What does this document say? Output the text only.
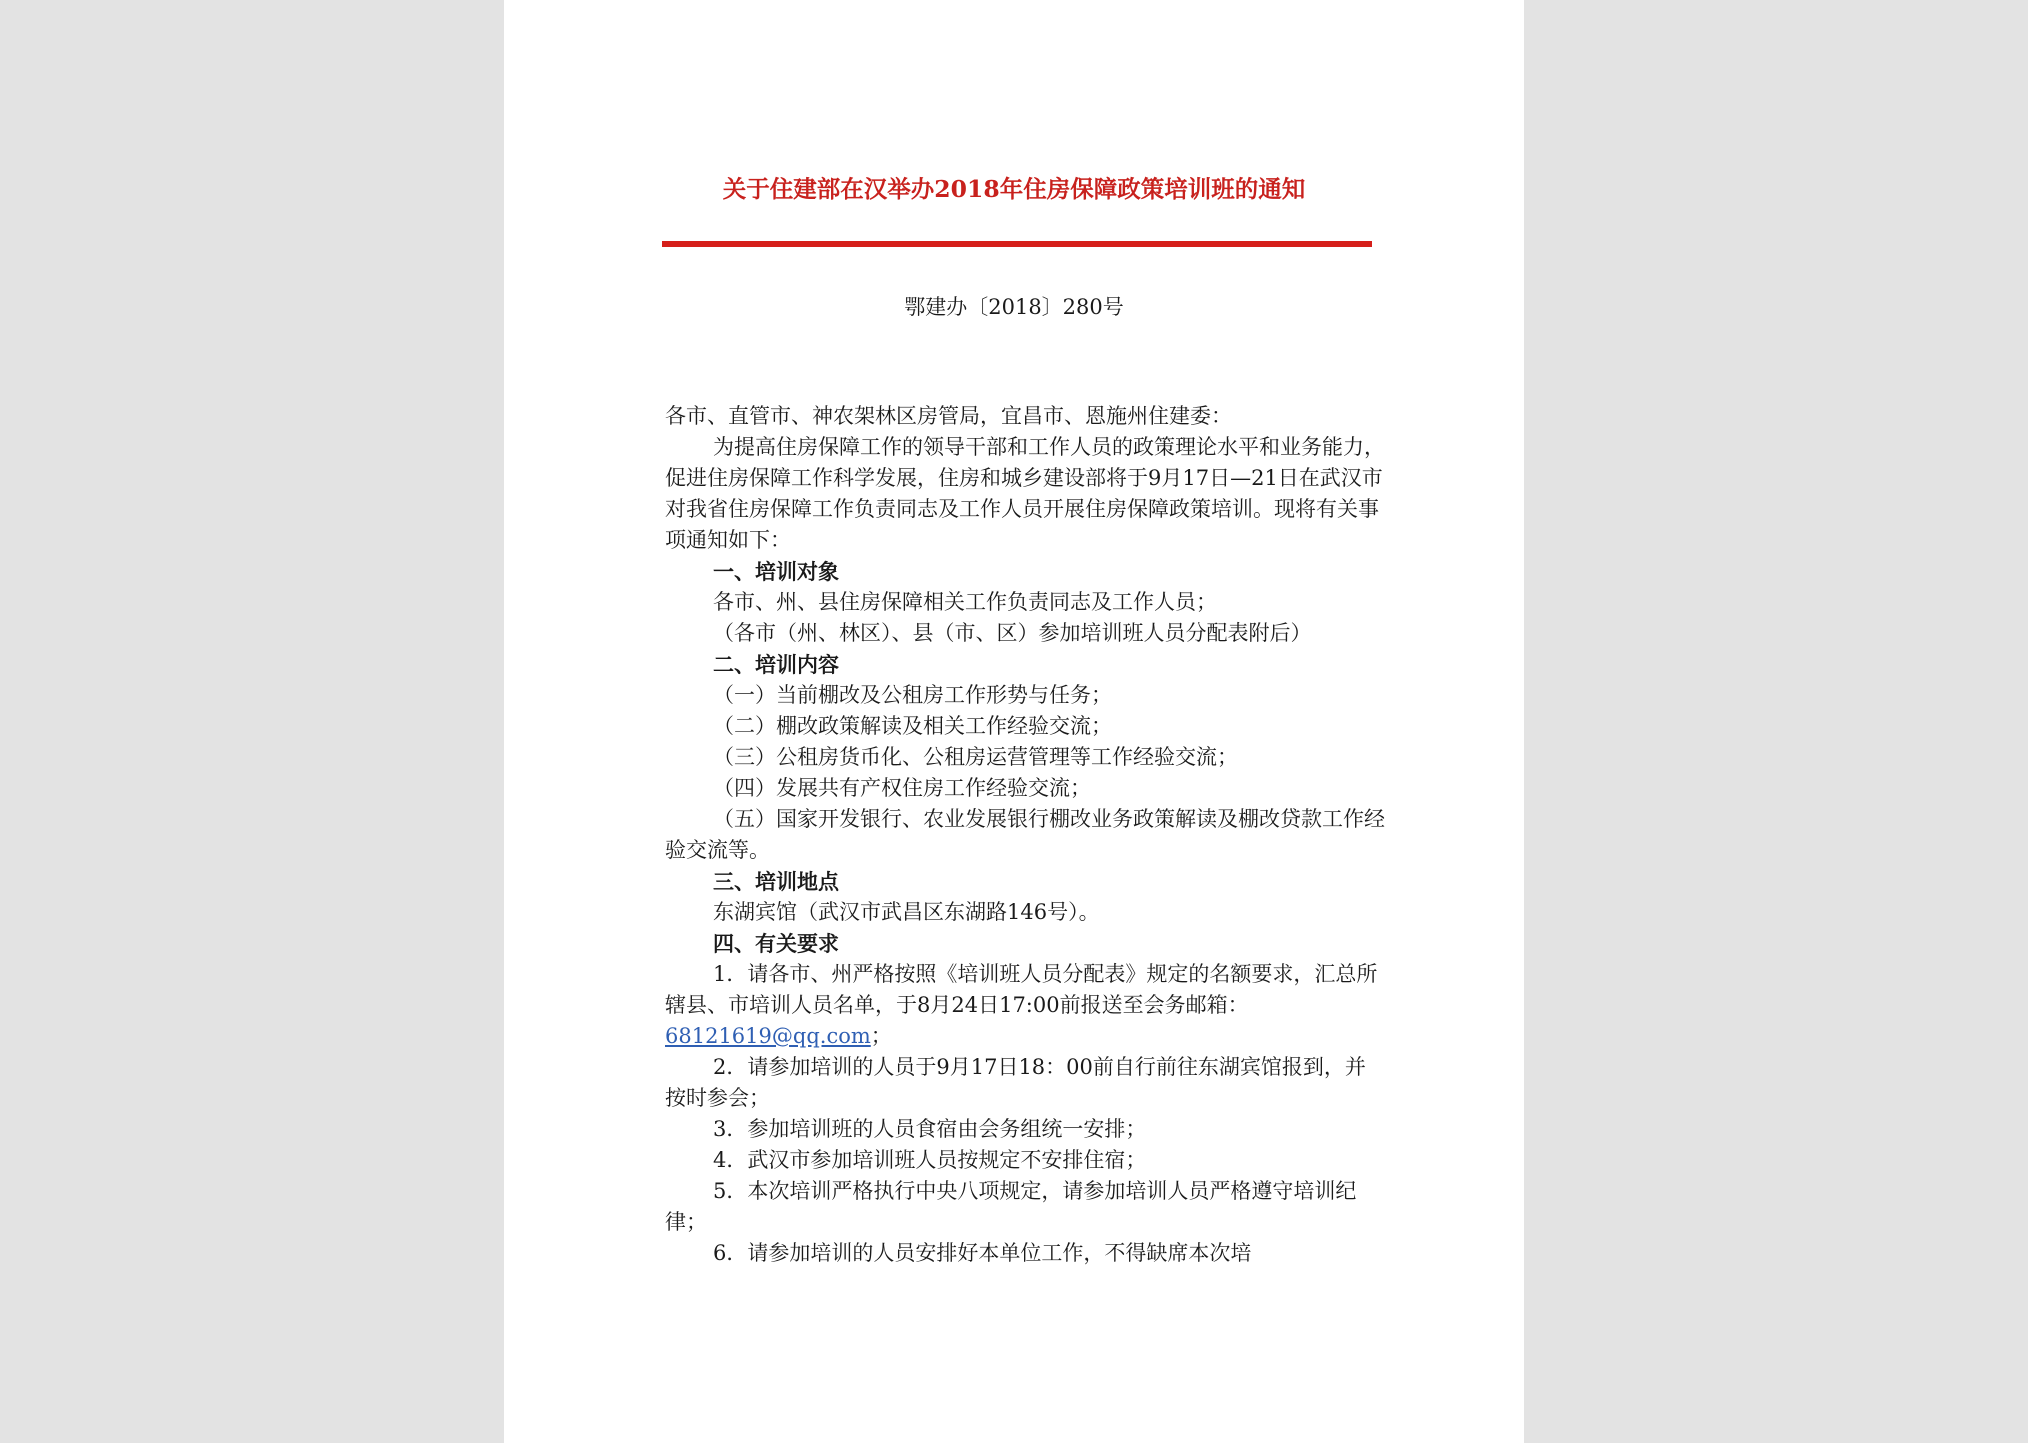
关于住建部在汉举办2018年住房保障政策培训班的通知
鄂建办〔2018〕280号

各市、直管市、神农架林区房管局，宜昌市、恩施州住建委：

为提高住房保障工作的领导干部和工作人员的政策理论水平和业务能力，促进住房保障工作科学发展，住房和城乡建设部将于9月17日—21日在武汉市对我省住房保障工作负责同志及工作人员开展住房保障政策培训。现将有关事项通知如下：

一、培训对象

各市、州、县住房保障相关工作负责同志及工作人员；

（各市（州、林区）、县（市、区）参加培训班人员分配表附后）

二、培训内容

（一）当前棚改及公租房工作形势与任务；

（二）棚改政策解读及相关工作经验交流；

（三）公租房货币化、公租房运营管理等工作经验交流；

（四）发展共有产权住房工作经验交流；

（五）国家开发银行、农业发展银行棚改业务政策解读及棚改贷款工作经验交流等。

三、培训地点

东湖宾馆（武汉市武昌区东湖路146号）。

四、有关要求

1．请各市、州严格按照《培训班人员分配表》规定的名额要求，汇总所辖县、市培训人员名单，于8月24日17:00前报送至会务邮箱：68121619@qq.com；

2．请参加培训的人员于9月17日18：00前自行前往东湖宾馆报到，并按时参会；

3．参加培训班的人员食宿由会务组统一安排；

4．武汉市参加培训班人员按规定不安排住宿；

5．本次培训严格执行中央八项规定，请参加培训人员严格遵守培训纪律；

6．请参加培训的人员安排好本单位工作，不得缺席本次培
